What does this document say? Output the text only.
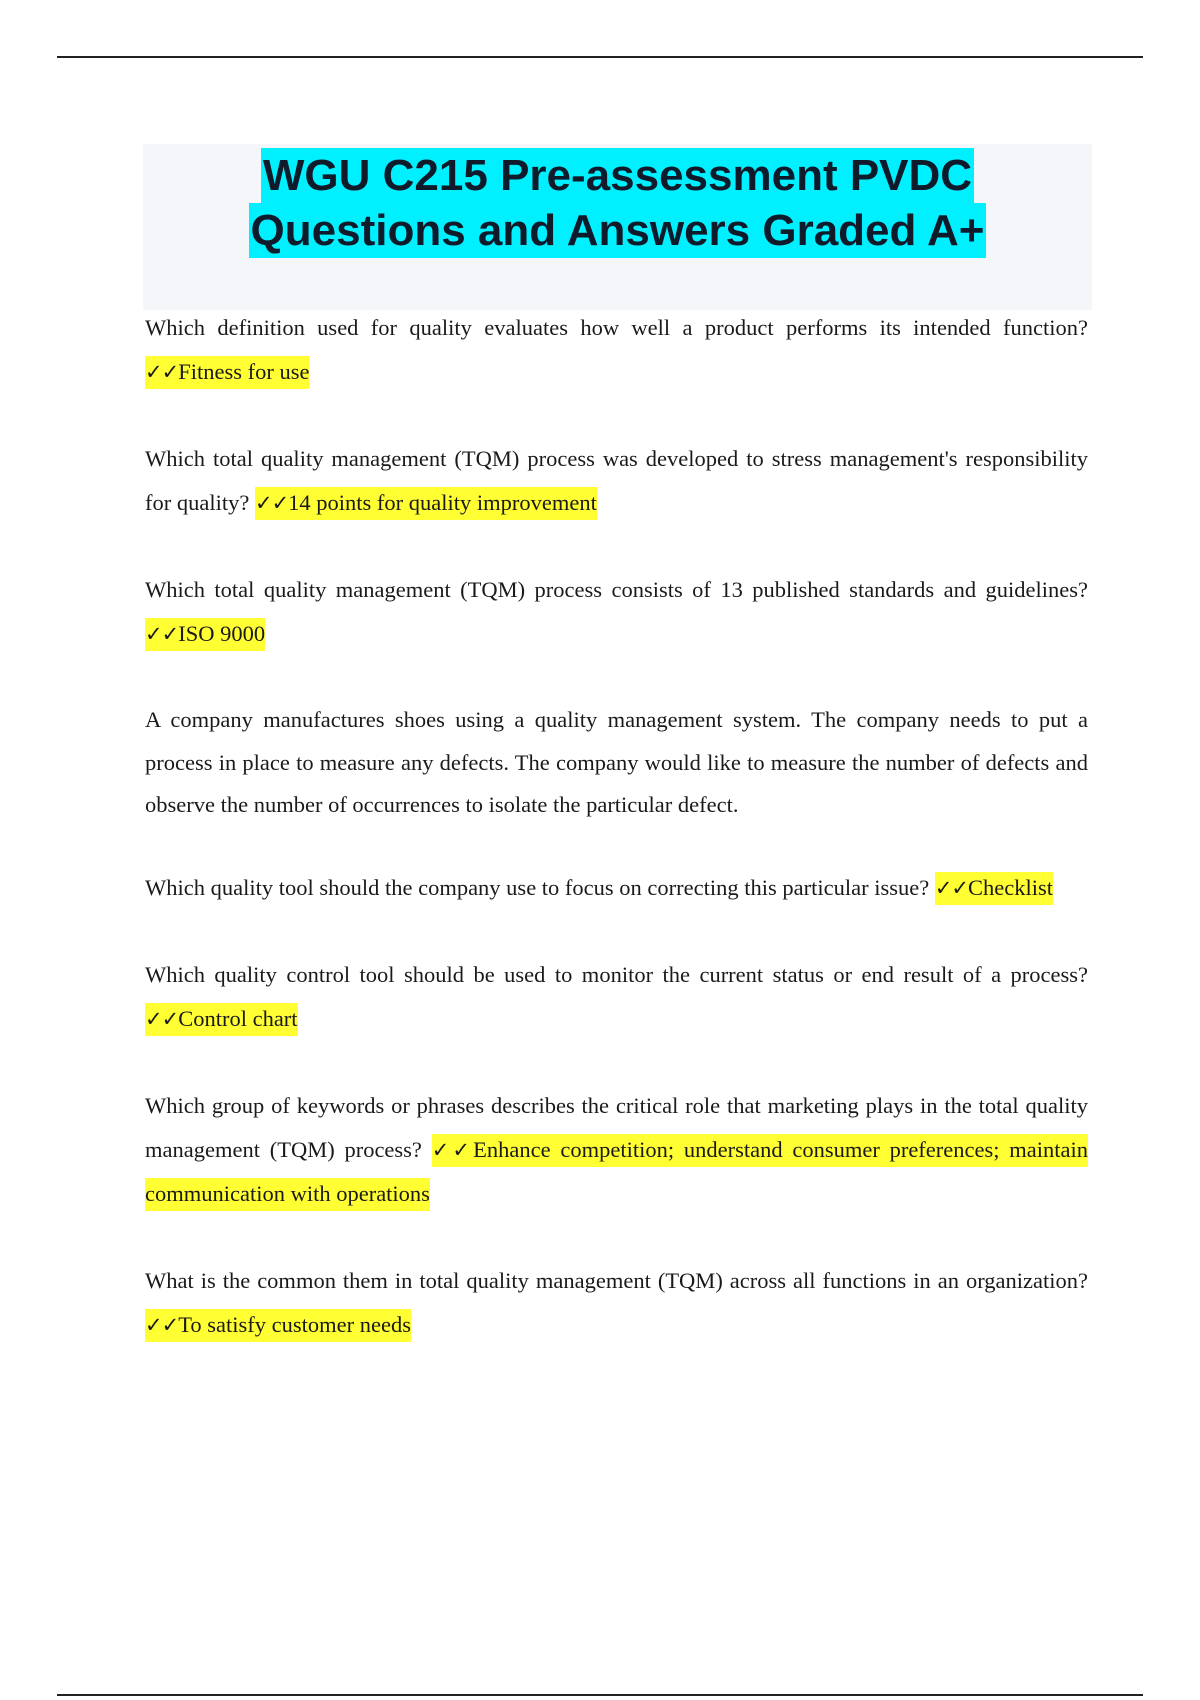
WGU C215 Pre-assessment PVDC
Questions and Answers Graded A+

Which definition used for quality evaluates how well a product performs its intended function? ✓✓Fitness for use

Which total quality management (TQM) process was developed to stress management's responsibility for quality? ✓✓14 points for quality improvement

Which total quality management (TQM) process consists of 13 published standards and guidelines? ✓✓ISO 9000

A company manufactures shoes using a quality management system. The company needs to put a process in place to measure any defects. The company would like to measure the number of defects and observe the number of occurrences to isolate the particular defect.

Which quality tool should the company use to focus on correcting this particular issue? ✓✓Checklist

Which quality control tool should be used to monitor the current status or end result of a process? ✓✓Control chart

Which group of keywords or phrases describes the critical role that marketing plays in the total quality management (TQM) process? ✓✓Enhance competition; understand consumer preferences; maintain communication with operations

What is the common them in total quality management (TQM) across all functions in an organization? ✓✓To satisfy customer needs
